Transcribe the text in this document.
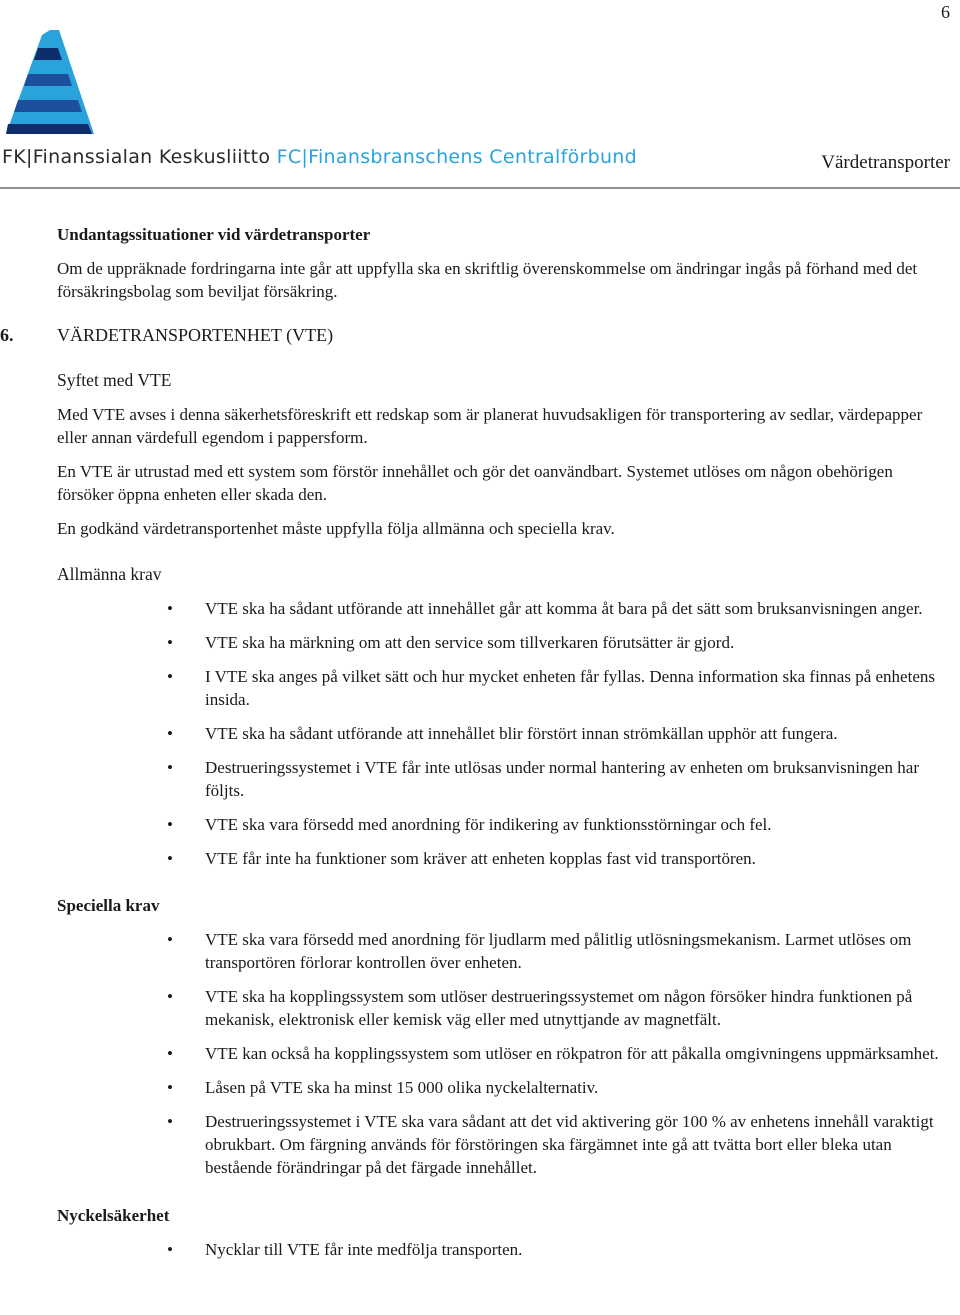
6
FK|Finanssialan Keskusliitto FC|Finansbranschens Centralförbund	Värdetransporter

Undantagssituationer vid värdetransporter

Om de uppräknade fordringarna inte går att uppfylla ska en skriftlig överenskommelse om ändringar ingås på förhand med det försäkringsbolag som beviljat försäkring.

6.	VÄRDETRANSPORTENHET (VTE)

Syftet med VTE

Med VTE avses i denna säkerhetsföreskrift ett redskap som är planerat huvudsakligen för transportering av sedlar, värdepapper eller annan värdefull egendom i pappersform.

En VTE är utrustad med ett system som förstör innehållet och gör det oanvändbart. Systemet utlöses om någon obehörigen försöker öppna enheten eller skada den.

En godkänd värdetransportenhet måste uppfylla följa allmänna och speciella krav.

Allmänna krav

• VTE ska ha sådant utförande att innehållet går att komma åt bara på det sätt som bruksanvisningen anger.
• VTE ska ha märkning om att den service som tillverkaren förutsätter är gjord.
• I VTE ska anges på vilket sätt och hur mycket enheten får fyllas. Denna information ska finnas på enhetens insida.
• VTE ska ha sådant utförande att innehållet blir förstört innan strömkällan upphör att fungera.
• Destrueringssystemet i VTE får inte utlösas under normal hantering av enheten om bruksanvisningen har följts.
• VTE ska vara försedd med anordning för indikering av funktionsstörningar och fel.
• VTE får inte ha funktioner som kräver att enheten kopplas fast vid transportören.

Speciella krav

• VTE ska vara försedd med anordning för ljudlarm med pålitlig utlösningsmekanism. Larmet utlöses om transportören förlorar kontrollen över enheten.
• VTE ska ha kopplingssystem som utlöser destrueringssystemet om någon försöker hindra funktionen på mekanisk, elektronisk eller kemisk väg eller med utnyttjande av magnetfält.
• VTE kan också ha kopplingssystem som utlöser en rökpatron för att påkalla omgivningens uppmärksamhet.
• Låsen på VTE ska ha minst 15 000 olika nyckelalternativ.
• Destrueringssystemet i VTE ska vara sådant att det vid aktivering gör 100 % av enhetens innehåll varaktigt obrukbart. Om färgning används för förstöringen ska färgämnet inte gå att tvätta bort eller bleka utan bestående förändringar på det färgade innehållet.

Nyckelsäkerhet

• Nycklar till VTE får inte medfölja transporten.
